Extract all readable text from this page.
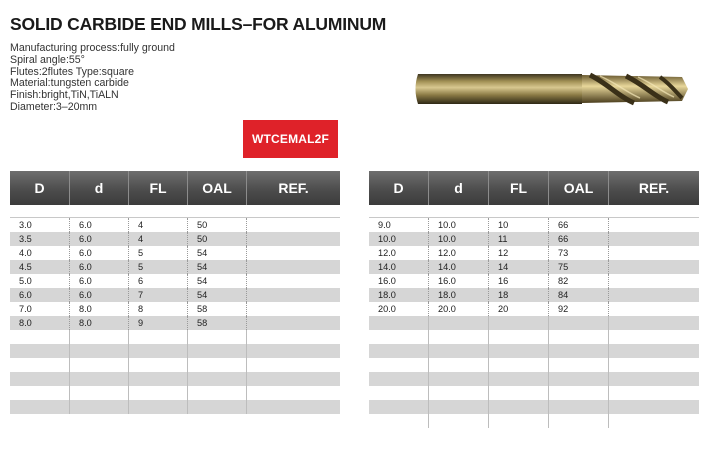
SOLID CARBIDE END MILLS–FOR ALUMINUM
Manufacturing process:fully ground
Spiral angle:55°
Flutes:2flutes Type:square
Material:tungsten carbide
Finish:bright,TiN,TiALN
Diameter:3–20mm
WTCEMAL2F
D	d	FL	OAL	REF.
3.0	6.0	4	50
3.5	6.0	4	50
4.0	6.0	5	54
4.5	6.0	5	54
5.0	6.0	6	54
6.0	6.0	7	54
7.0	8.0	8	58
8.0	8.0	9	58
D	d	FL	OAL	REF.
9.0	10.0	10	66
10.0	10.0	11	66
12.0	12.0	12	73
14.0	14.0	14	75
16.0	16.0	16	82
18.0	18.0	18	84
20.0	20.0	20	92
